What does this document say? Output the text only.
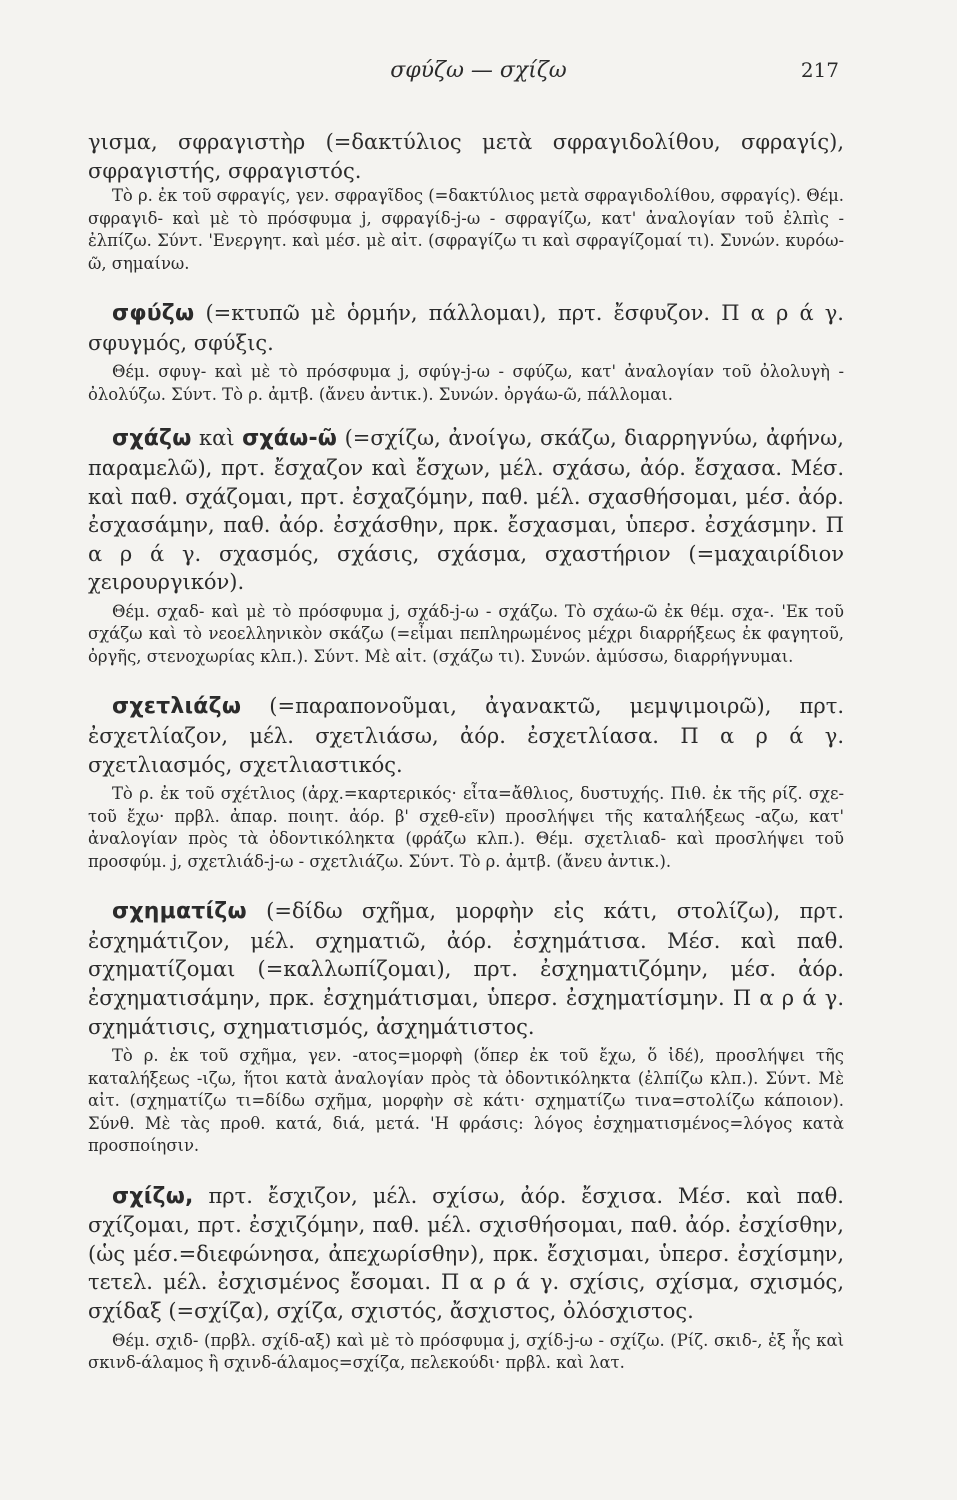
σφύζω — σχίζω	217

γισμα, σφραγιστὴρ (=δακτύλιος μετὰ σφραγιδολίθου, σφραγίς), σφραγιστής, σφραγιστός.

Τὸ ρ. ἐκ τοῦ σφραγίς, γεν. σφραγῖδος (=δακτύλιος μετὰ σφραγιδολίθου, σφραγίς). Θέμ. σφραγιδ- καὶ μὲ τὸ πρόσφυμα j, σφραγίδ-j-ω - σφραγίζω, κατ' ἀναλογίαν τοῦ ἐλπὶς - ἐλπίζω. Σύντ. 'Ενεργητ. καὶ μέσ. μὲ αἰτ. (σφραγίζω τι καὶ σφραγίζομαί τι). Συνών. κυρόω-ῶ, σημαίνω.

σφύζω (=κτυπῶ μὲ ὁρμήν, πάλλομαι), πρτ. ἔσφυζον. Π α ρ ά γ. σφυγμός, σφύξις.

Θέμ. σφυγ- καὶ μὲ τὸ πρόσφυμα j, σφύγ-j-ω - σφύζω, κατ' ἀναλογίαν τοῦ ὀλολυγὴ - ὀλολύζω. Σύντ. Τὸ ρ. ἀμτβ. (ἄνευ ἀντικ.). Συνών. ὀργάω-ῶ, πάλλομαι.

σχάζω καὶ σχάω-ῶ (=σχίζω, ἀνοίγω, σκάζω, διαρρηγνύω, ἀφήνω, παραμελῶ), πρτ. ἔσχαζον καὶ ἔσχων, μέλ. σχάσω, ἀόρ. ἔσχασα. Μέσ. καὶ παθ. σχάζομαι, πρτ. ἐσχαζόμην, παθ. μέλ. σχασθήσομαι, μέσ. ἀόρ. ἐσχασάμην, παθ. ἀόρ. ἐσχάσθην, πρκ. ἔσχασμαι, ὑπερσ. ἐσχάσμην. Π α ρ ά γ. σχασμός, σχάσις, σχάσμα, σχαστήριον (=μαχαιρίδιον χειρουργικόν).

Θέμ. σχαδ- καὶ μὲ τὸ πρόσφυμα j, σχάδ-j-ω - σχάζω. Τὸ σχάω-ῶ ἐκ θέμ. σχα-. 'Εκ τοῦ σχάζω καὶ τὸ νεοελληνικὸν σκάζω (=εἶμαι πεπληρωμένος μέχρι διαρρήξεως ἐκ φαγητοῦ, ὀργῆς, στενοχωρίας κλπ.). Σύντ. Μὲ αἰτ. (σχάζω τι). Συνών. ἀμύσσω, διαρρήγνυμαι.

σχετλιάζω (=παραπονοῦμαι, ἀγανακτῶ, μεμψιμοιρῶ), πρτ. ἐσχετλίαζον, μέλ. σχετλιάσω, ἀόρ. ἐσχετλίασα. Π α ρ ά γ. σχετλιασμός, σχετλιαστικός.

Τὸ ρ. ἐκ τοῦ σχέτλιος (ἀρχ.=καρτερικός· εἶτα=ἄθλιος, δυστυχής. Πιθ. ἐκ τῆς ρίζ. σχε- τοῦ ἔχω· πρβλ. ἀπαρ. ποιητ. ἀόρ. β' σχεθ-εῖν) προσλήψει τῆς καταλήξεως -αζω, κατ' ἀναλογίαν πρὸς τὰ ὀδοντικόληκτα (φράζω κλπ.). Θέμ. σχετλιαδ- καὶ προσλήψει τοῦ προσφύμ. j, σχετλιάδ-j-ω - σχετλιάζω. Σύντ. Τὸ ρ. ἀμτβ. (ἄνευ ἀντικ.).

σχηματίζω (=δίδω σχῆμα, μορφὴν εἰς κάτι, στολίζω), πρτ. ἐσχημάτιζον, μέλ. σχηματιῶ, ἀόρ. ἐσχημάτισα. Μέσ. καὶ παθ. σχηματίζομαι (=καλλωπίζομαι), πρτ. ἐσχηματιζόμην, μέσ. ἀόρ. ἐσχηματισάμην, πρκ. ἐσχημάτισμαι, ὑπερσ. ἐσχηματίσμην. Π α ρ ά γ. σχημάτισις, σχηματισμός, ἀσχημάτιστος.

Τὸ ρ. ἐκ τοῦ σχῆμα, γεν. -ατος=μορφὴ (ὅπερ ἐκ τοῦ ἔχω, ὅ ἰδέ), προσλήψει τῆς καταλήξεως -ιζω, ἥτοι κατὰ ἀναλογίαν πρὸς τὰ ὀδοντικόληκτα (ἐλπίζω κλπ.). Σύντ. Μὲ αἰτ. (σχηματίζω τι=δίδω σχῆμα, μορφὴν σὲ κάτι· σχηματίζω τινα=στολίζω κάποιον). Σύνθ. Μὲ τὰς προθ. κατά, διά, μετά. 'Η φράσις: λόγος ἐσχηματισμένος=λόγος κατὰ προσποίησιν.

σχίζω, πρτ. ἔσχιζον, μέλ. σχίσω, ἀόρ. ἔσχισα. Μέσ. καὶ παθ. σχίζομαι, πρτ. ἐσχιζόμην, παθ. μέλ. σχισθήσομαι, παθ. ἀόρ. ἐσχίσθην, (ὡς μέσ.=διεφώνησα, ἀπεχωρίσθην), πρκ. ἔσχισμαι, ὑπερσ. ἐσχίσμην, τετελ. μέλ. ἐσχισμένος ἔσομαι. Π α ρ ά γ. σχίσις, σχίσμα, σχισμός, σχίδαξ (=σχίζα), σχίζα, σχιστός, ἄσχιστος, ὀλόσχιστος.

Θέμ. σχιδ- (πρβλ. σχίδ-αξ) καὶ μὲ τὸ πρόσφυμα j, σχίδ-j-ω - σχίζω. (Ρίζ. σκιδ-, ἐξ ἧς καὶ σκινδ-άλαμος ἢ σχινδ-άλαμος=σχίζα, πελεκούδι· πρβλ. καὶ λατ.
